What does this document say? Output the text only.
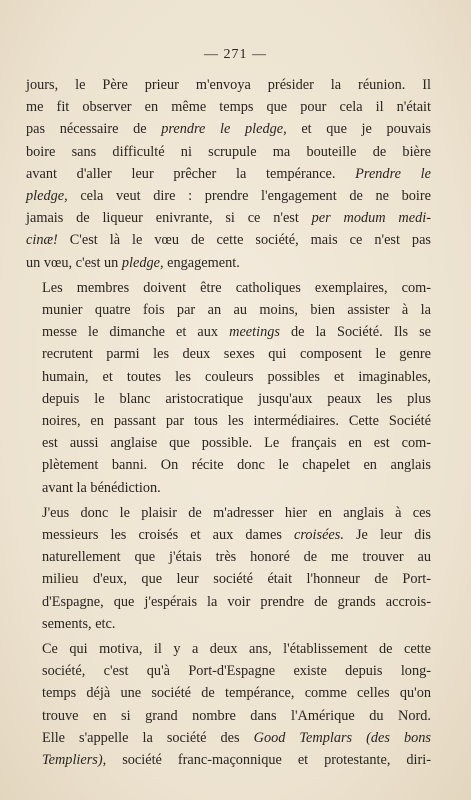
— 271 —

jours, le Père prieur m'envoya présider la réunion. Il
me fit observer en même temps que pour cela il n'était
pas nécessaire de prendre le pledge, et que je pouvais
boire sans difficulté ni scrupule ma bouteille de bière
avant d'aller leur prêcher la tempérance. Prendre le
pledge, cela veut dire : prendre l'engagement de ne boire
jamais de liqueur enivrante, si ce n'est per modum medi-
cinæ! C'est là le vœu de cette société, mais ce n'est pas
un vœu, c'est un pledge, engagement.

Les membres doivent être catholiques exemplaires, com-
munier quatre fois par an au moins, bien assister à la
messe le dimanche et aux meetings de la Société. Ils se
recrutent parmi les deux sexes qui composent le genre
humain, et toutes les couleurs possibles et imaginables,
depuis le blanc aristocratique jusqu'aux peaux les plus
noires, en passant par tous les intermédiaires. Cette Société
est aussi anglaise que possible. Le français en est com-
plètement banni. On récite donc le chapelet en anglais
avant la bénédiction.

J'eus donc le plaisir de m'adresser hier en anglais à ces
messieurs les croisés et aux dames croisées. Je leur dis
naturellement que j'étais très honoré de me trouver au
milieu d'eux, que leur société était l'honneur de Port-
d'Espagne, que j'espérais la voir prendre de grands accrois-
sements, etc.

Ce qui motiva, il y a deux ans, l'établissement de cette
société, c'est qu'à Port-d'Espagne existe depuis long-
temps déjà une société de tempérance, comme celles qu'on
trouve en si grand nombre dans l'Amérique du Nord.
Elle s'appelle la société des Good Templars (des bons
Templiers), société franc-maçonnique et protestante, diri-
